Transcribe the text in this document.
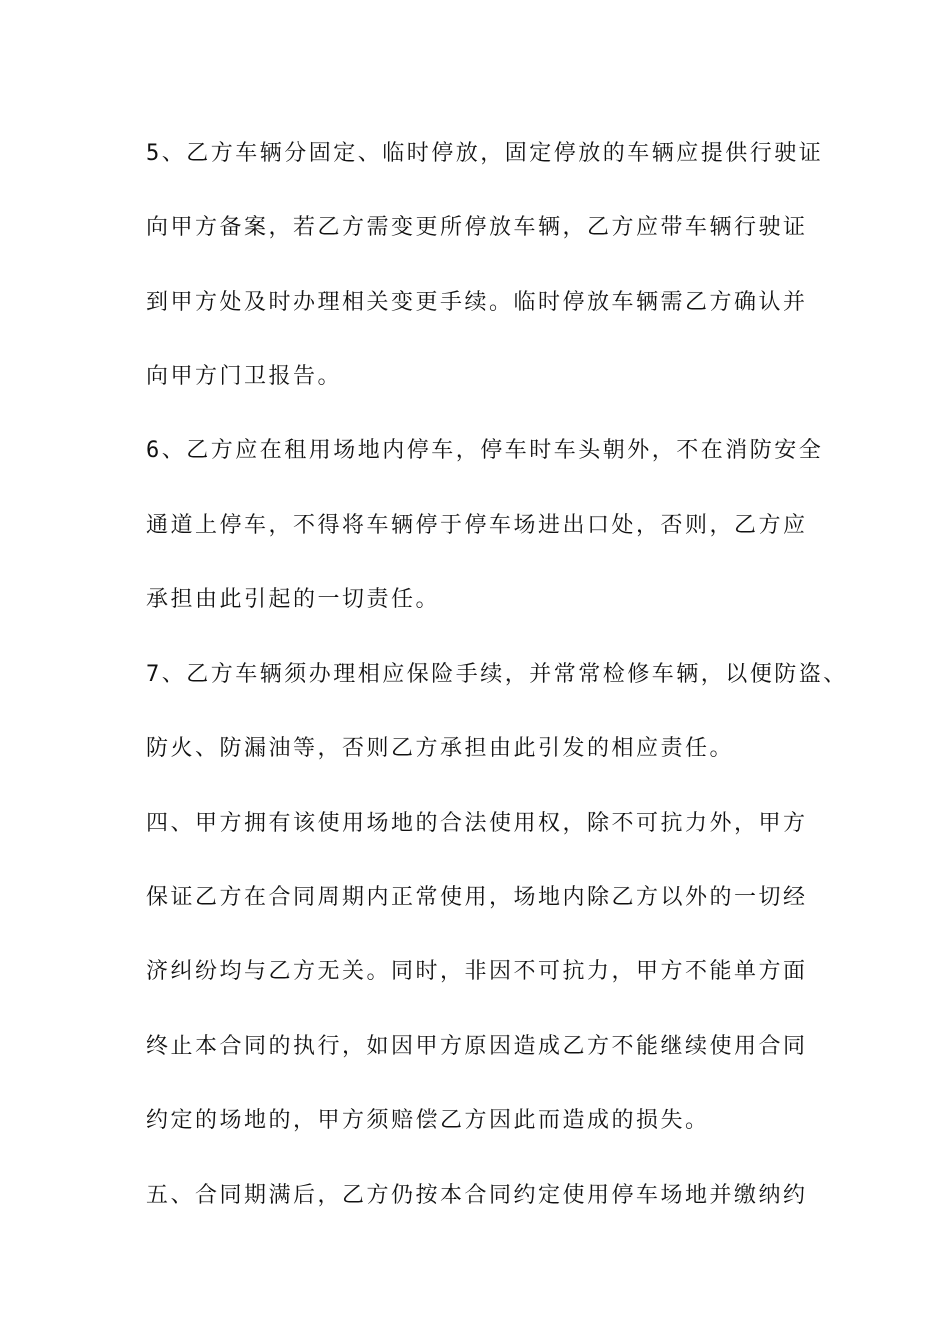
5、乙方车辆分固定、临时停放，固定停放的车辆应提供行驶证
向甲方备案，若乙方需变更所停放车辆，乙方应带车辆行驶证
到甲方处及时办理相关变更手续。临时停放车辆需乙方确认并
向甲方门卫报告。
6、乙方应在租用场地内停车，停车时车头朝外，不在消防安全
通道上停车，不得将车辆停于停车场进出口处，否则，乙方应
承担由此引起的一切责任。
7、乙方车辆须办理相应保险手续，并常常检修车辆，以便防盗、
防火、防漏油等，否则乙方承担由此引发的相应责任。
四、甲方拥有该使用场地的合法使用权，除不可抗力外，甲方
保证乙方在合同周期内正常使用，场地内除乙方以外的一切经
济纠纷均与乙方无关。同时，非因不可抗力，甲方不能单方面
终止本合同的执行，如因甲方原因造成乙方不能继续使用合同
约定的场地的，甲方须赔偿乙方因此而造成的损失。
五、合同期满后，乙方仍按本合同约定使用停车场地并缴纳约
